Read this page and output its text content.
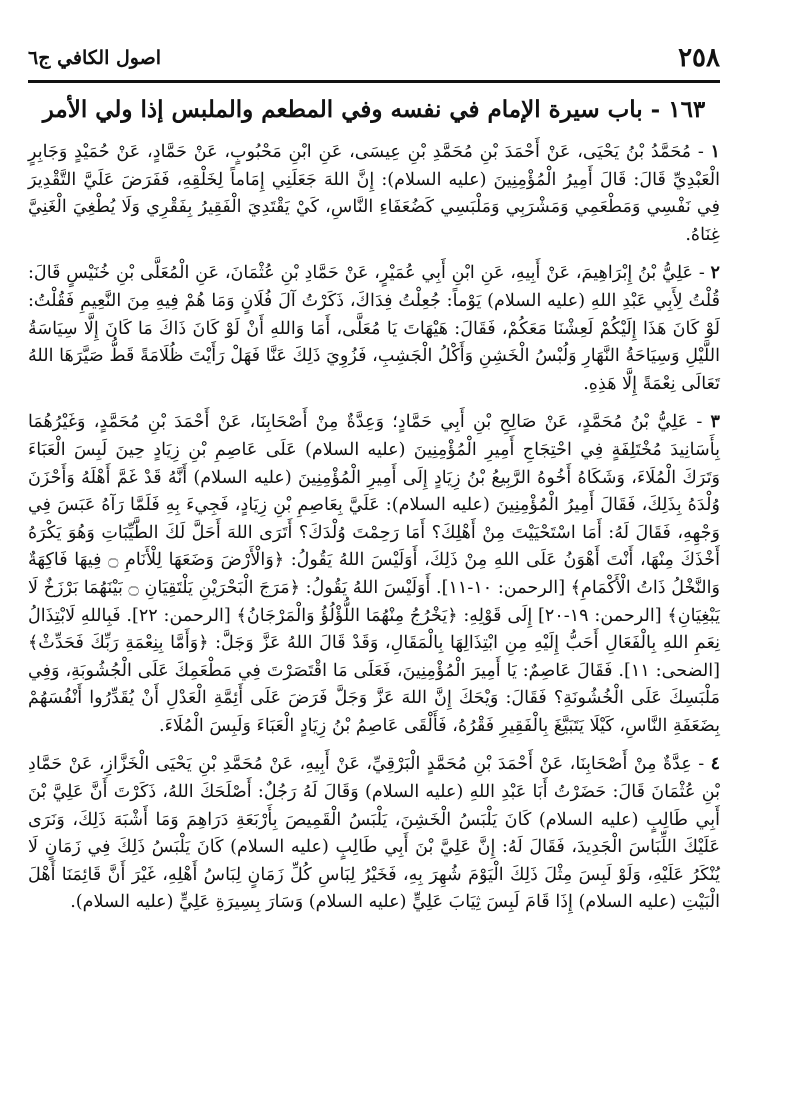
٢٥٨
اصول الكافي ج٦
١٦٣ - باب سيرة الإمام في نفسه وفي المطعم والملبس إذا ولي الأمر

١ - مُحَمَّدُ بْنُ يَحْيَى، عَنْ أَحْمَدَ بْنِ مُحَمَّدِ بْنِ عِيسَى، عَنِ ابْنِ مَحْبُوبٍ، عَنْ حَمَّادٍ، عَنْ حُمَيْدٍ وَجَابِرٍ الْعَبْدِيِّ قَالَ: قَالَ أَمِيرُ الْمُؤْمِنِينَ (عليه السلام): إِنَّ اللهَ جَعَلَنِي إِمَاماً لِخَلْقِهِ، فَفَرَضَ عَلَيَّ التَّقْدِيرَ فِي نَفْسِي وَمَطْعَمِي وَمَشْرَبِي وَمَلْبَسِي كَضُعَفَاءِ النَّاسِ، كَيْ يَقْتَدِيَ الْفَقِيرُ بِفَقْرِي وَلَا يُطْغِيَ الْغَنِيَّ غِنَاهُ.

٢ - عَلِيُّ بْنُ إِبْرَاهِيمَ، عَنْ أَبِيهِ، عَنِ ابْنِ أَبِي عُمَيْرٍ، عَنْ حَمَّادِ بْنِ عُثْمَانَ، عَنِ الْمُعَلَّى بْنِ خُنَيْسٍ قَالَ: قُلْتُ لِأَبِي عَبْدِ اللهِ (عليه السلام) يَوْماً: جُعِلْتُ فِدَاكَ، ذَكَرْتُ آلَ فُلَانٍ وَمَا هُمْ فِيهِ مِنَ النَّعِيمِ فَقُلْتُ: لَوْ كَانَ هَذَا إِلَيْكُمْ لَعِشْنَا مَعَكُمْ، فَقَالَ: هَيْهَاتَ يَا مُعَلَّى، أَمَا وَاللهِ أَنْ لَوْ كَانَ ذَاكَ مَا كَانَ إِلَّا سِيَاسَةُ اللَّيْلِ وَسِيَاحَةُ النَّهَارِ وَلُبْسُ الْخَشِنِ وَأَكْلُ الْجَشِبِ، فَزُوِيَ ذَلِكَ عَنَّا فَهَلْ رَأَيْتَ ظُلَامَةً قَطُّ صَيَّرَهَا اللهُ تَعَالَى نِعْمَةً إِلَّا هَذِهِ.

٣ - عَلِيُّ بْنُ مُحَمَّدٍ، عَنْ صَالِحِ بْنِ أَبِي حَمَّادٍ؛ وَعِدَّةٌ مِنْ أَصْحَابِنَا، عَنْ أَحْمَدَ بْنِ مُحَمَّدٍ، وَغَيْرُهُمَا بِأَسَانِيدَ مُخْتَلِفَةٍ فِي احْتِجَاجِ أَمِيرِ الْمُؤْمِنِينَ (عليه السلام) عَلَى عَاصِمِ بْنِ زِيَادٍ حِينَ لَبِسَ الْعَبَاءَ وَتَرَكَ الْمُلَاءَ، وَشَكَاهُ أَخُوهُ الرَّبِيعُ بْنُ زِيَادٍ إِلَى أَمِيرِ الْمُؤْمِنِينَ (عليه السلام) أَنَّهُ قَدْ غَمَّ أَهْلَهُ وَأَحْزَنَ وُلْدَهُ بِذَلِكَ، فَقَالَ أَمِيرُ الْمُؤْمِنِينَ (عليه السلام): عَلَيَّ بِعَاصِمِ بْنِ زِيَادٍ، فَجِيءَ بِهِ فَلَمَّا رَآهُ عَبَسَ فِي وَجْهِهِ، فَقَالَ لَهُ: أَمَا اسْتَحْيَيْتَ مِنْ أَهْلِكَ؟ أَمَا رَحِمْتَ وُلْدَكَ؟ أَتَرَى اللهَ أَحَلَّ لَكَ الطَّيِّبَاتِ وَهُوَ يَكْرَهُ أَخْذَكَ مِنْهَا، أَنْتَ أَهْوَنُ عَلَى اللهِ مِنْ ذَلِكَ، أَوَلَيْسَ اللهُ يَقُولُ: ﴿وَالْأَرْضَ وَضَعَهَا لِلْأَنَامِ ۝ فِيهَا فَاكِهَةٌ وَالنَّخْلُ ذَاتُ الْأَكْمَامِ﴾ [الرحمن: ١٠-١١]. أَوَلَيْسَ اللهُ يَقُولُ: ﴿مَرَجَ الْبَحْرَيْنِ يَلْتَقِيَانِ ۝ بَيْنَهُمَا بَرْزَخٌ لَا يَبْغِيَانِ﴾ [الرحمن: ١٩-٢٠] إِلَى قَوْلِهِ: ﴿يَخْرُجُ مِنْهُمَا اللُّؤْلُؤُ وَالْمَرْجَانُ﴾ [الرحمن: ٢٢]. فَبِاللهِ لَابْتِذَالُ نِعَمِ اللهِ بِالْفَعَالِ أَحَبُّ إِلَيْهِ مِنِ ابْتِذَالِهَا بِالْمَقَالِ، وَقَدْ قَالَ اللهُ عَزَّ وَجَلَّ: ﴿وَأَمَّا بِنِعْمَةِ رَبِّكَ فَحَدِّثْ﴾ [الضحى: ١١]. فَقَالَ عَاصِمٌ: يَا أَمِيرَ الْمُؤْمِنِينَ، فَعَلَى مَا اقْتَصَرْتَ فِي مَطْعَمِكَ عَلَى الْجُشُوبَةِ، وَفِي مَلْبَسِكَ عَلَى الْخُشُونَةِ؟ فَقَالَ: وَيْحَكَ إِنَّ اللهَ عَزَّ وَجَلَّ فَرَضَ عَلَى أَئِمَّةِ الْعَدْلِ أَنْ يُقَدِّرُوا أَنْفُسَهُمْ بِضَعَفَةِ النَّاسِ، كَيْلَا يَتَبَيَّغَ بِالْفَقِيرِ فَقْرُهُ، فَأَلْقَى عَاصِمُ بْنُ زِيَادٍ الْعَبَاءَ وَلَبِسَ الْمُلَاءَ.

٤ - عِدَّةٌ مِنْ أَصْحَابِنَا، عَنْ أَحْمَدَ بْنِ مُحَمَّدٍ الْبَرْقِيِّ، عَنْ أَبِيهِ، عَنْ مُحَمَّدِ بْنِ يَحْيَى الْخَزَّازِ، عَنْ حَمَّادِ بْنِ عُثْمَانَ قَالَ: حَضَرْتُ أَبَا عَبْدِ اللهِ (عليه السلام) وَقَالَ لَهُ رَجُلٌ: أَصْلَحَكَ اللهُ، ذَكَرْتَ أَنَّ عَلِيَّ بْنَ أَبِي طَالِبٍ (عليه السلام) كَانَ يَلْبَسُ الْخَشِنَ، يَلْبَسُ الْقَمِيصَ بِأَرْبَعَةِ دَرَاهِمَ وَمَا أَشْبَهَ ذَلِكَ، وَنَرَى عَلَيْكَ اللِّبَاسَ الْجَدِيدَ، فَقَالَ لَهُ: إِنَّ عَلِيَّ بْنَ أَبِي طَالِبٍ (عليه السلام) كَانَ يَلْبَسُ ذَلِكَ فِي زَمَانٍ لَا يُنْكَرُ عَلَيْهِ، وَلَوْ لَبِسَ مِثْلَ ذَلِكَ الْيَوْمَ شُهِرَ بِهِ، فَخَيْرُ لِبَاسِ كُلِّ زَمَانٍ لِبَاسُ أَهْلِهِ، غَيْرَ أَنَّ قَائِمَنَا أَهْلَ الْبَيْتِ (عليه السلام) إِذَا قَامَ لَبِسَ ثِيَابَ عَلِيٍّ (عليه السلام) وَسَارَ بِسِيرَةِ عَلِيٍّ (عليه السلام).
